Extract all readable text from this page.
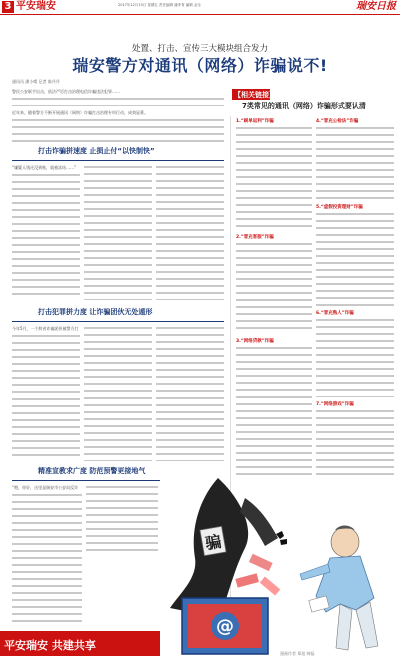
3 平安瑞安	2017年12月15日 星期五 责任编辑 潘孝青 编辑 金全	瑞安日报
处置、打击、宣传三大模块组合发力
瑞安警方对通讯（网络）诈骗说不!
通讯员 潘小晴 记者 陈丹丹
警民公安联手出击，依法严厉打击治理电信诈骗违法犯罪……
近年来，随着警方不断开展通讯（网络）诈骗打击治理专项行动，成效显著。
打击诈骗拼速度 止损止付“以快制快”
“嫌疑人钱还没到账，就被冻结……”
打击犯罪拼力度 让诈骗团伙无处遁形
今年5月，一个跨省诈骗团伙被警方打
精准宣教求广度 防范预警更接地气
“喂，你好，这里是瑞安市公安局反诈
【相关链接】
7类常见的通讯（网络）诈骗形式要认清
1.“刷单返利”诈骗
2.“冒充客服”诈骗
3.“网络贷款”诈骗
4.“冒充公检法”诈骗
5.“虚假投资理财”诈骗
6.“冒充熟人”诈骗
7.“网络游戏”诈骗
骗
@
漫画作者 郑旭 韩磊
平安瑞安 共建共享
